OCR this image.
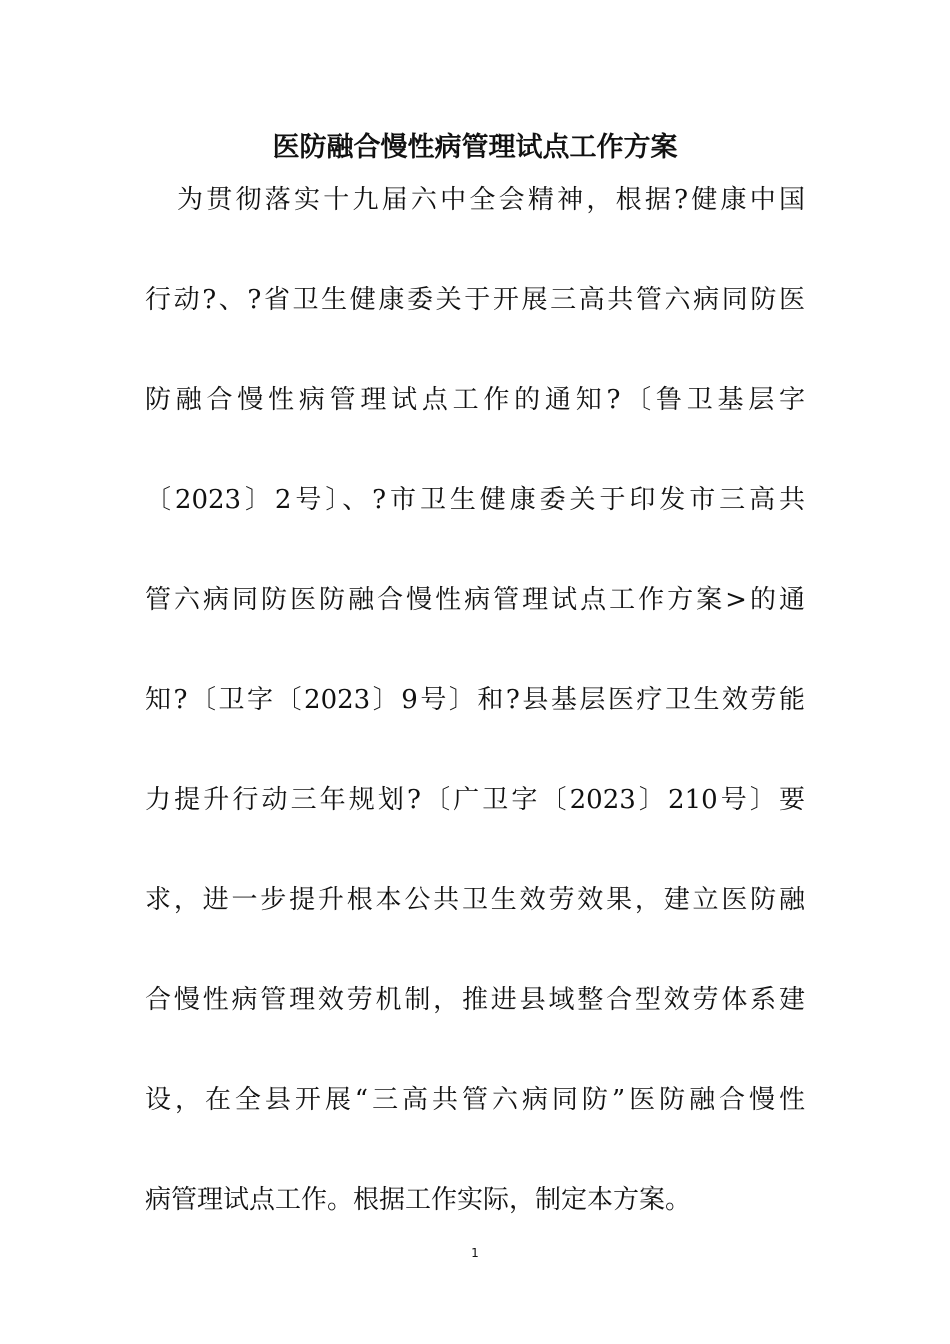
医防融合慢性病管理试点工作方案

为贯彻落实十九届六中全会精神，根据?健康中国

行动?、?省卫生健康委关于开展三高共管六病同防医

防融合慢性病管理试点工作的通知?〔鲁卫基层字

〔2023〕2号〕、?市卫生健康委关于印发市三高共

管六病同防医防融合慢性病管理试点工作方案>的通

知?〔卫字〔2023〕9号〕和?县基层医疗卫生效劳能

力提升行动三年规划?〔广卫字〔2023〕210号〕要

求，进一步提升根本公共卫生效劳效果，建立医防融

合慢性病管理效劳机制，推进县域整合型效劳体系建

设，在全县开展“三高共管六病同防”医防融合慢性

病管理试点工作。根据工作实际，制定本方案。

1
